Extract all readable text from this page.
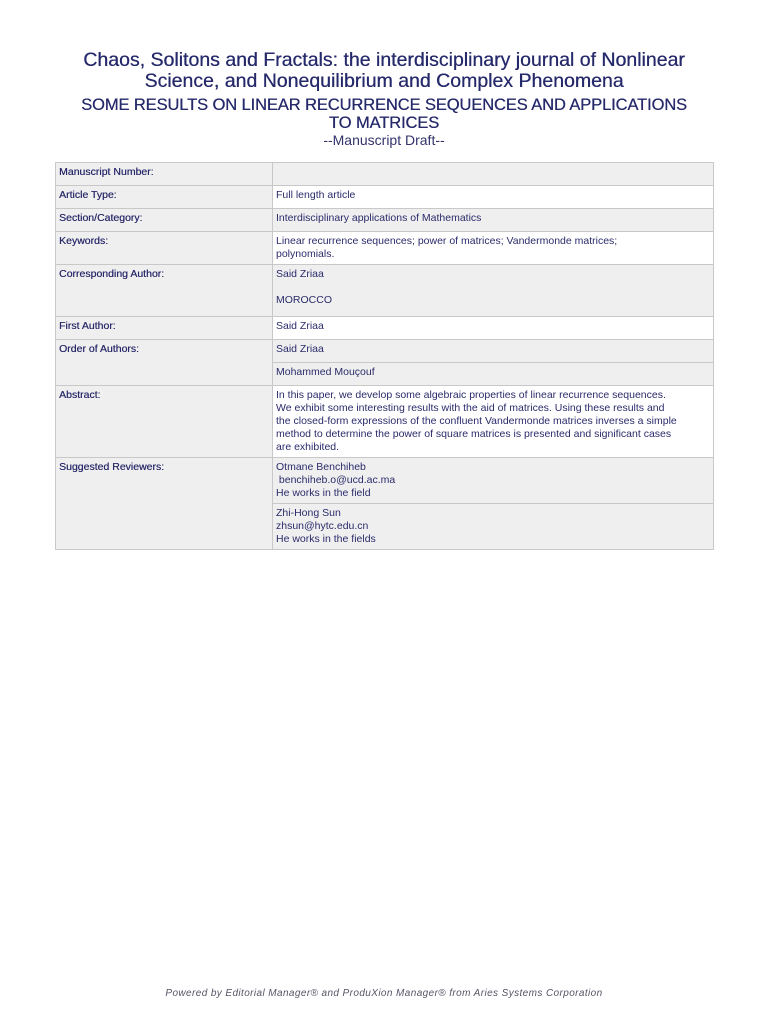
Chaos, Solitons and Fractals: the interdisciplinary journal of Nonlinear
Science, and Nonequilibrium and Complex Phenomena
SOME RESULTS ON LINEAR RECURRENCE SEQUENCES AND APPLICATIONS
TO MATRICES
--Manuscript Draft--
Manuscript Number:	
Article Type:	Full length article
Section/Category:	Interdisciplinary applications of Mathematics
Keywords:	Linear recurrence sequences; power of matrices; Vandermonde matrices;
polynomials.

Corresponding Author:	Said Zriaa
MOROCCO

First Author:	Said Zriaa
Order of Authors:	Said Zriaa
	Mohammed Mouçouf
Abstract:	In this paper, we develop some algebraic properties of linear recurrence sequences.
We exhibit some interesting results with the aid of matrices. Using these results and
the closed-form expressions of the confluent Vandermonde matrices inverses a simple
method to determine the power of square matrices is presented and significant cases
are exhibited.

Suggested Reviewers:	Otmane Benchiheb
benchiheb.o@ucd.ac.ma
He works in the field

	Zhi-Hong Sun
zhsun@hytc.edu.cn
He works in the fields
Powered by Editorial Manager® and ProduXion Manager® from Aries Systems Corporation
